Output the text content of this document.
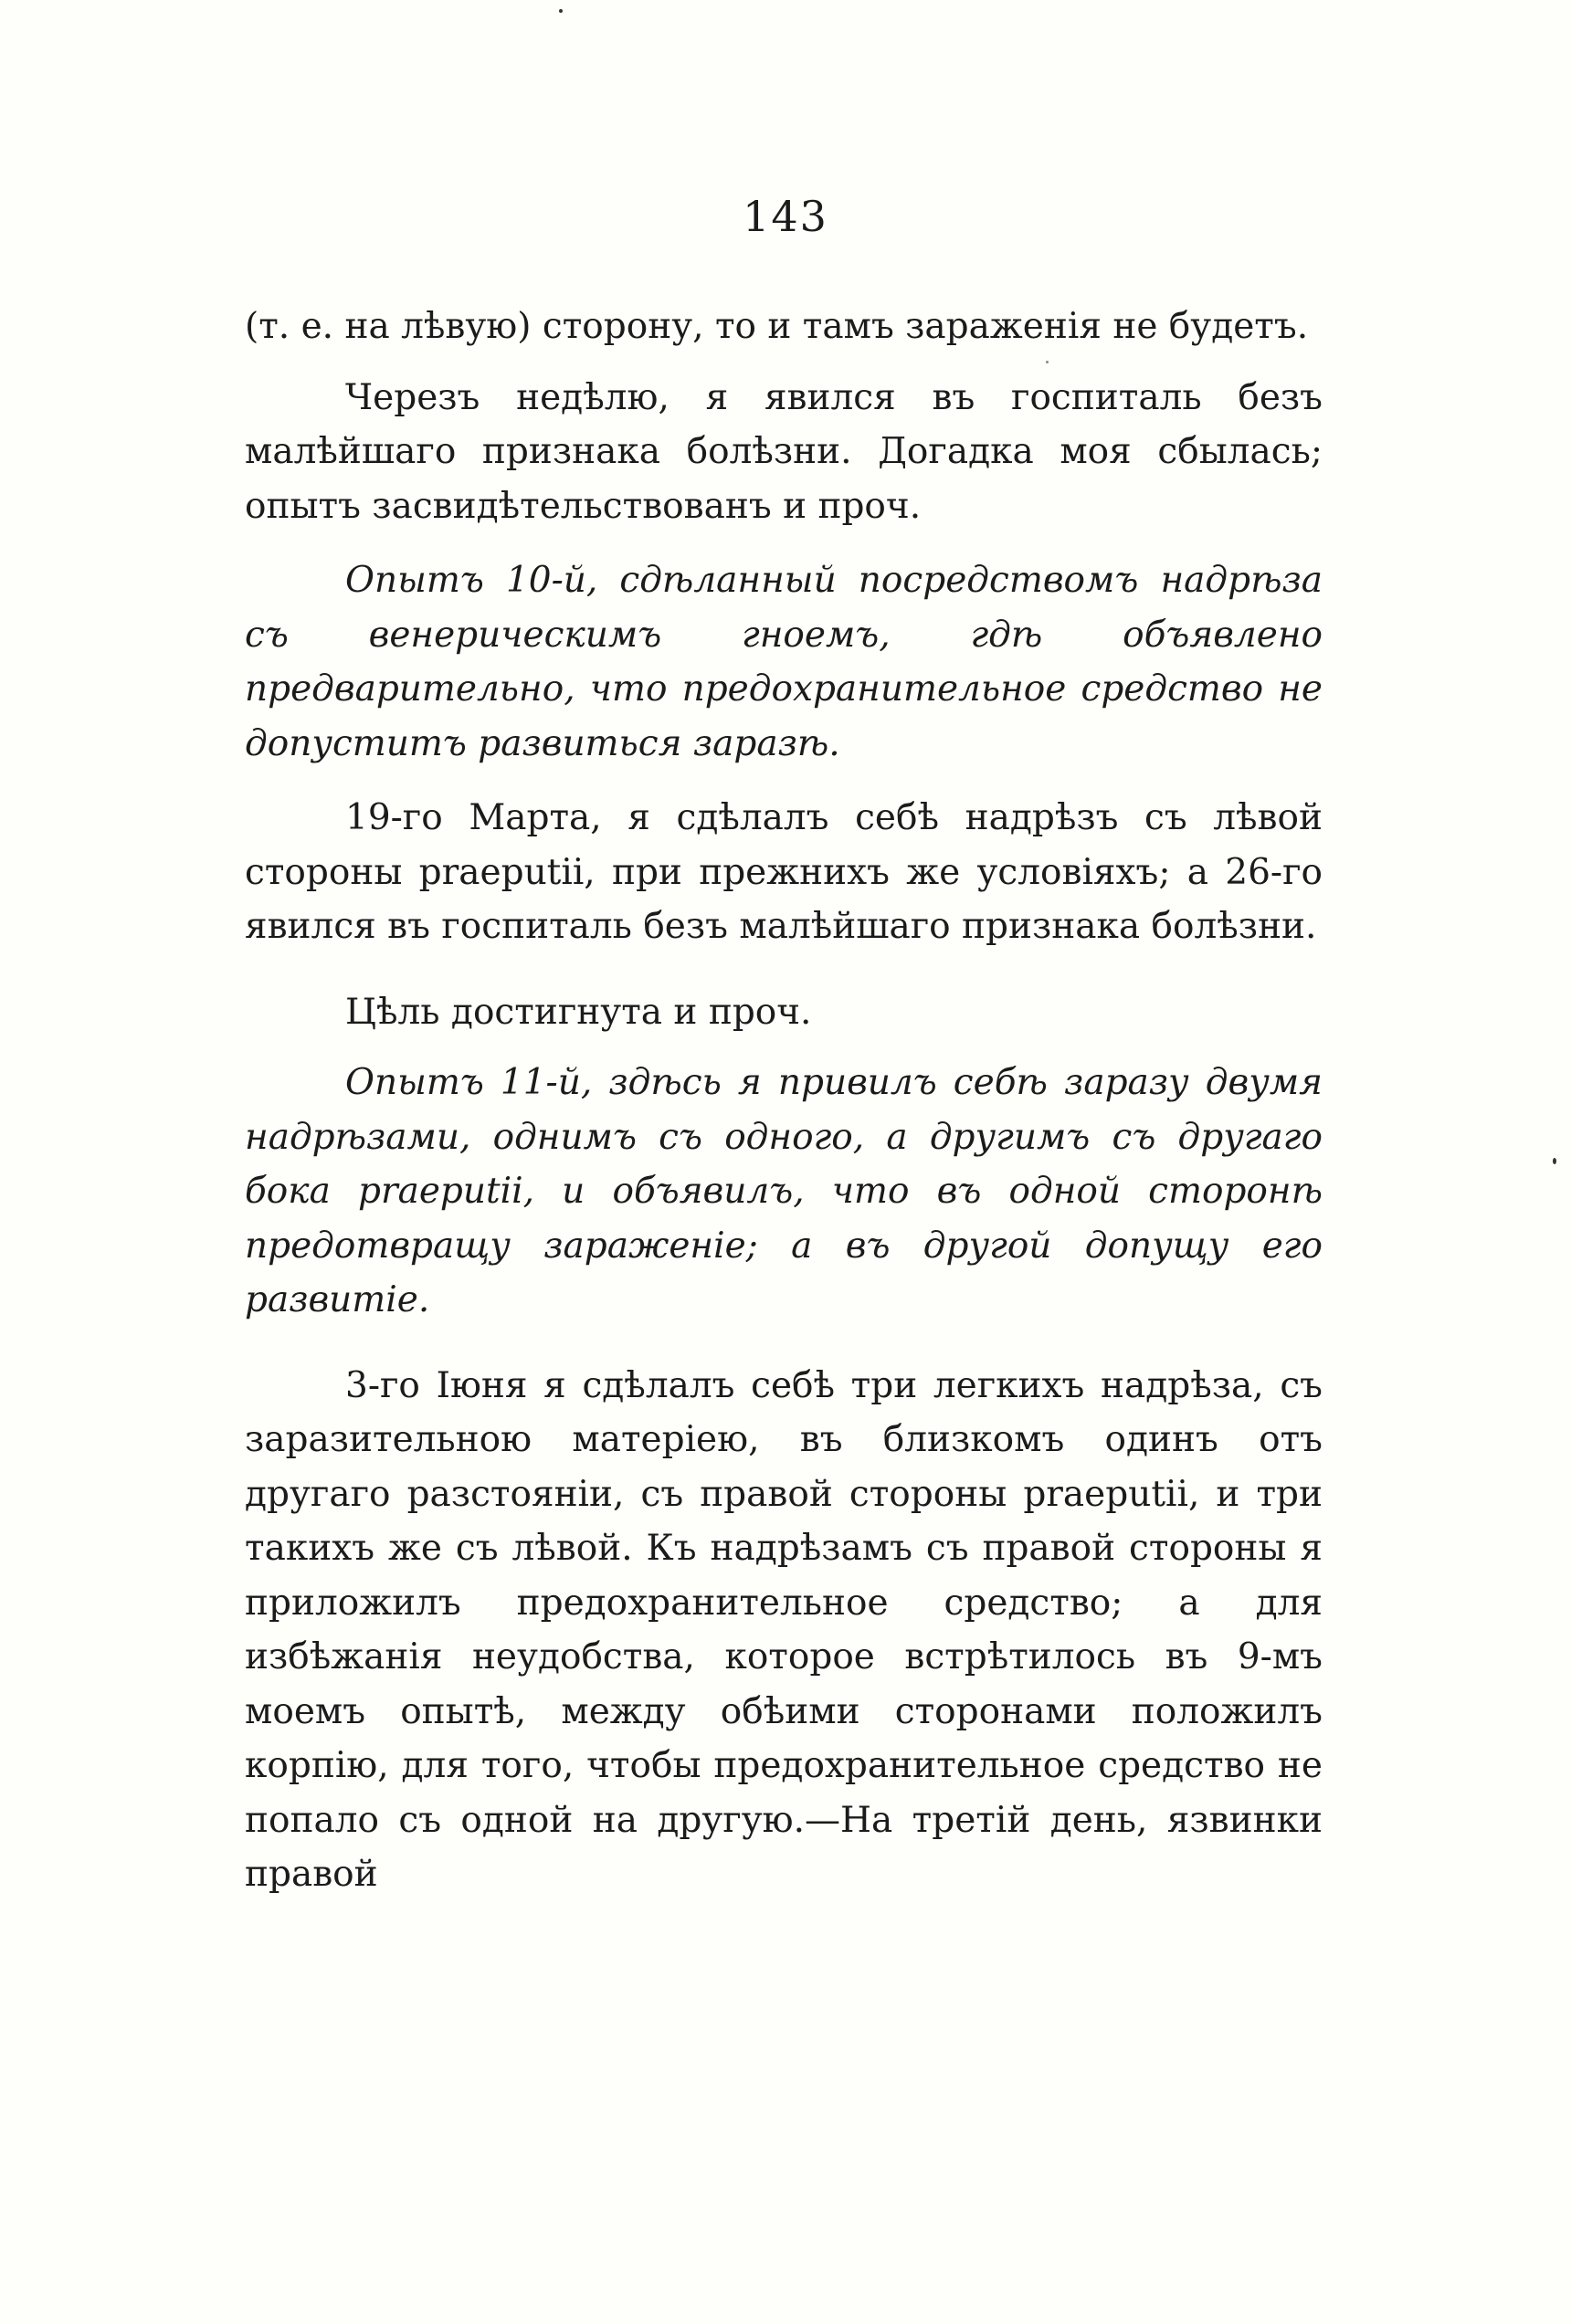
143

(т. е. на лѣвую) сторону, то и тамъ зараженія не будетъ.

Черезъ недѣлю, я явился въ госпиталь безъ малѣйшаго признака болѣзни. Догадка моя сбылась; опытъ засвидѣтельствованъ и проч.

Опытъ 10-й, сдѣланный посредствомъ надрѣза съ венерическимъ гноемъ, гдѣ объявлено предварительно, что предохранительное средство не допуститъ развиться заразѣ.

19-го Марта, я сдѣлалъ себѣ надрѣзъ съ лѣвой стороны praeputii, при прежнихъ же условіяхъ; а 26-го явился въ госпиталь безъ малѣйшаго признака болѣзни.

Цѣль достигнута и проч.

Опытъ 11-й, здѣсь я привилъ себѣ заразу двумя надрѣзами, однимъ съ одного, а другимъ съ другаго бока praeputii, и объявилъ, что въ одной сторонѣ предотвращу зараженіе; а въ другой допущу его развитіе.

3-го Іюня я сдѣлалъ себѣ три легкихъ надрѣза, съ заразительною матеріею, въ близкомъ одинъ отъ другаго разстояніи, съ правой стороны praeputii, и три такихъ же съ лѣвой. Къ надрѣзамъ съ правой стороны я приложилъ предохранительное средство; а для избѣжанія неудобства, которое встрѣтилось въ 9-мъ моемъ опытѣ, между обѣими сторонами положилъ корпію, для того, чтобы предохранительное средство не попало съ одной на другую.—На третій день, язвинки правой
